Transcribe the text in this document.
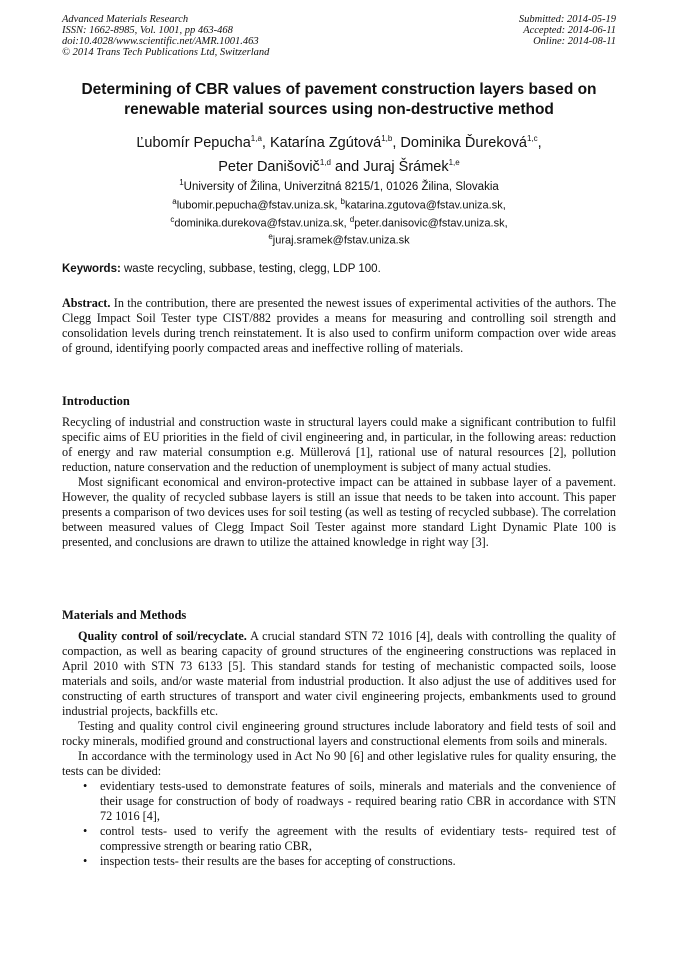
Advanced Materials Research
ISSN: 1662-8985, Vol. 1001, pp 463-468
doi:10.4028/www.scientific.net/AMR.1001.463
© 2014 Trans Tech Publications Ltd, Switzerland
Submitted: 2014-05-19
Accepted: 2014-06-11
Online: 2014-08-11
Determining of CBR values of pavement construction layers based on renewable material sources using non-destructive method
Ľubomír Pepucha$^{1,a}$, Katarína Zgútová$^{1,b}$, Dominika Ďureková$^{1,c}$,
Peter Danišovič$^{1,d}$ and Juraj Šrámek$^{1,e}$
$^1$University of Žilina, Univerzitná 8215/1, 01026 Žilina, Slovakia
$^a$lubomir.pepucha@fstav.uniza.sk, $^b$katarina.zgutova@fstav.uniza.sk,
$^c$dominika.durekova@fstav.uniza.sk, $^d$peter.danisovic@fstav.uniza.sk,
$^e$juraj.sramek@fstav.uniza.sk
Keywords: waste recycling, subbase, testing, clegg, LDP 100.

Abstract. In the contribution, there are presented the newest issues of experimental activities of the authors. The Clegg Impact Soil Tester type CIST/882 provides a means for measuring and controlling soil strength and consolidation levels during trench reinstatement. It is also used to confirm uniform compaction over wide areas of ground, identifying poorly compacted areas and ineffective rolling of materials.

Introduction

Recycling of industrial and construction waste in structural layers could make a significant contribution to fulfil specific aims of EU priorities in the field of civil engineering and, in particular, in the following areas: reduction of energy and raw material consumption e.g. Müllerová [1], rational use of natural resources [2], pollution reduction, nature conservation and the reduction of unemployment is subject of many actual studies.

Most significant economical and environ-protective impact can be attained in subbase layer of a pavement. However, the quality of recycled subbase layers is still an issue that needs to be taken into account. This paper presents a comparison of two devices uses for soil testing (as well as testing of recycled subbase). The correlation between measured values of Clegg Impact Soil Tester against more standard Light Dynamic Plate 100 is presented, and conclusions are drawn to utilize the attained knowledge in right way [3].

Materials and Methods

Quality control of soil/recyclate. A crucial standard STN 72 1016 [4], deals with controlling the quality of compaction, as well as bearing capacity of ground structures of the engineering constructions was replaced in April 2010 with STN 73 6133 [5]. This standard stands for testing of mechanistic compacted soils, loose materials and soils, and/or waste material from industrial production. It also adjust the use of additives used for constructing of earth structures of transport and water civil engineering projects, embankments used to ground industrial projects, backfills etc.

Testing and quality control civil engineering ground structures include laboratory and field tests of soil and rocky minerals, modified ground and constructional layers and constructional elements from soils and minerals.

In accordance with the terminology used in Act No 90 [6] and other legislative rules for quality ensuring, the tests can be divided:

• evidentiary tests-used to demonstrate features of soils, minerals and materials and the convenience of their usage for construction of body of roadways - required bearing ratio CBR in accordance with STN 72 1016 [4],
• control tests- used to verify the agreement with the results of evidentiary tests- required test of compressive strength or bearing ratio CBR,
• inspection tests- their results are the bases for accepting of constructions.
